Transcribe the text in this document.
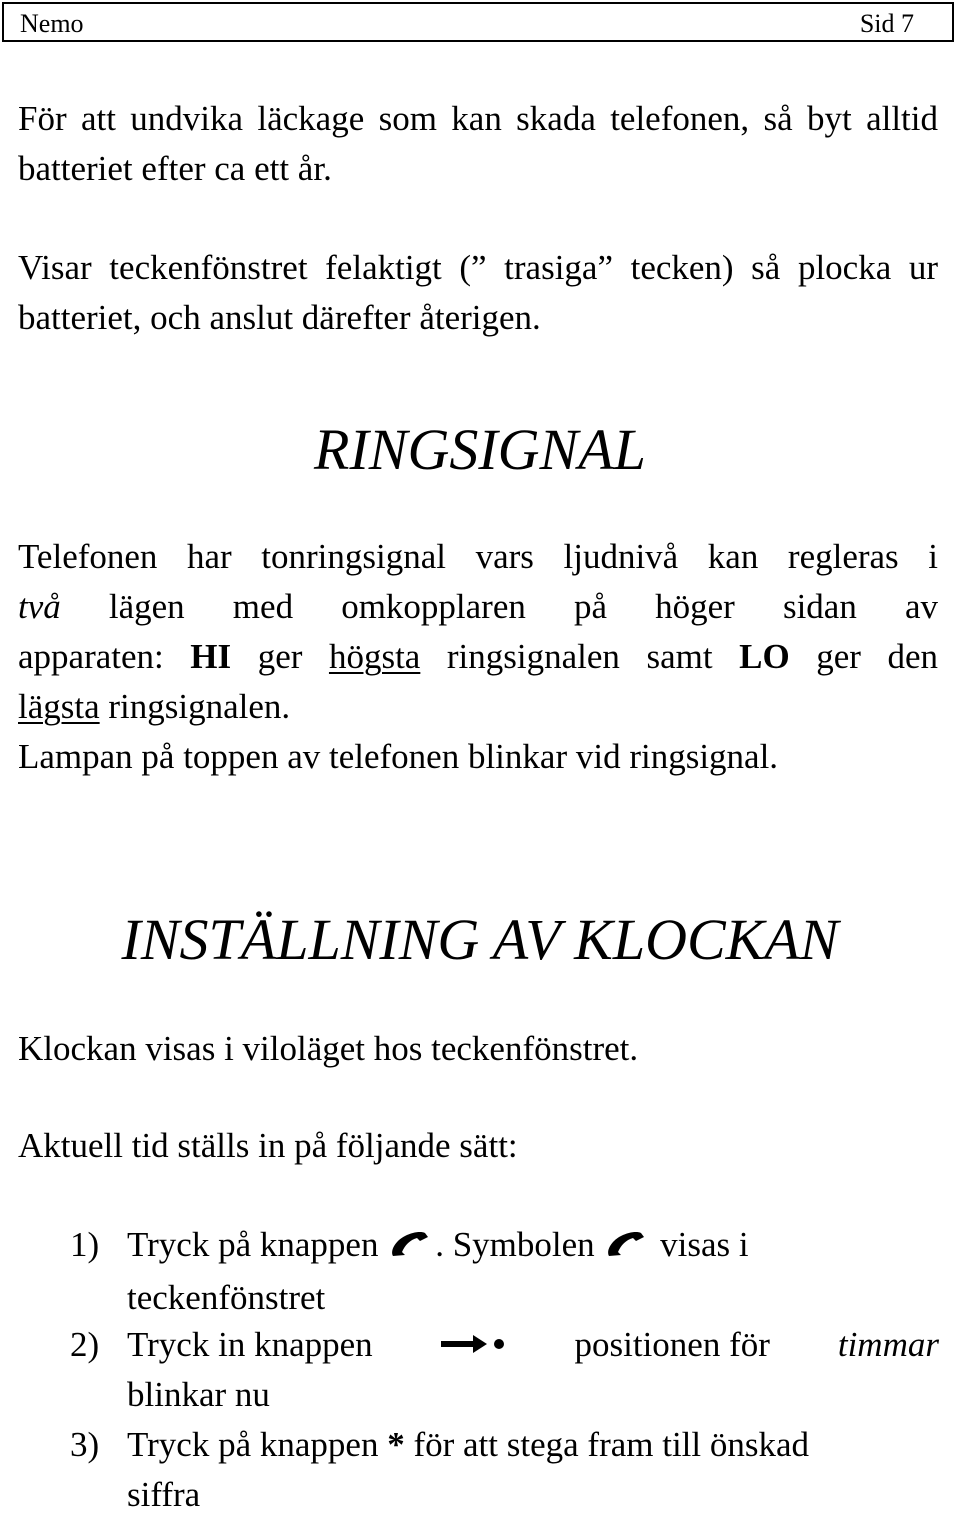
Nemo	Sid 7
För att undvika läckage som kan skada telefonen, så byt alltid batteriet efter ca ett år.
Visar teckenfönstret felaktigt (” trasiga” tecken) så plocka ur batteriet, och anslut därefter återigen.
RINGSIGNAL
Telefonen har tonringsignal vars ljudnivå kan regleras i
två lägen med omkopplaren på höger sidan av
apparaten: HI ger högsta ringsignalen samt LO ger den
lägsta ringsignalen.
Lampan på toppen av telefonen blinkar vid ringsignal.
INSTÄLLNING AV KLOCKAN
Klockan visas i viloläget hos teckenfönstret.
Aktuell tid ställs in på följande sätt:
1) Tryck på knappen . Symbolen visas i
teckenfönstret
2) Tryck in knappen	positionen för timmar
blinkar nu
3) Tryck på knappen * för att stega fram till önskad
siffra
